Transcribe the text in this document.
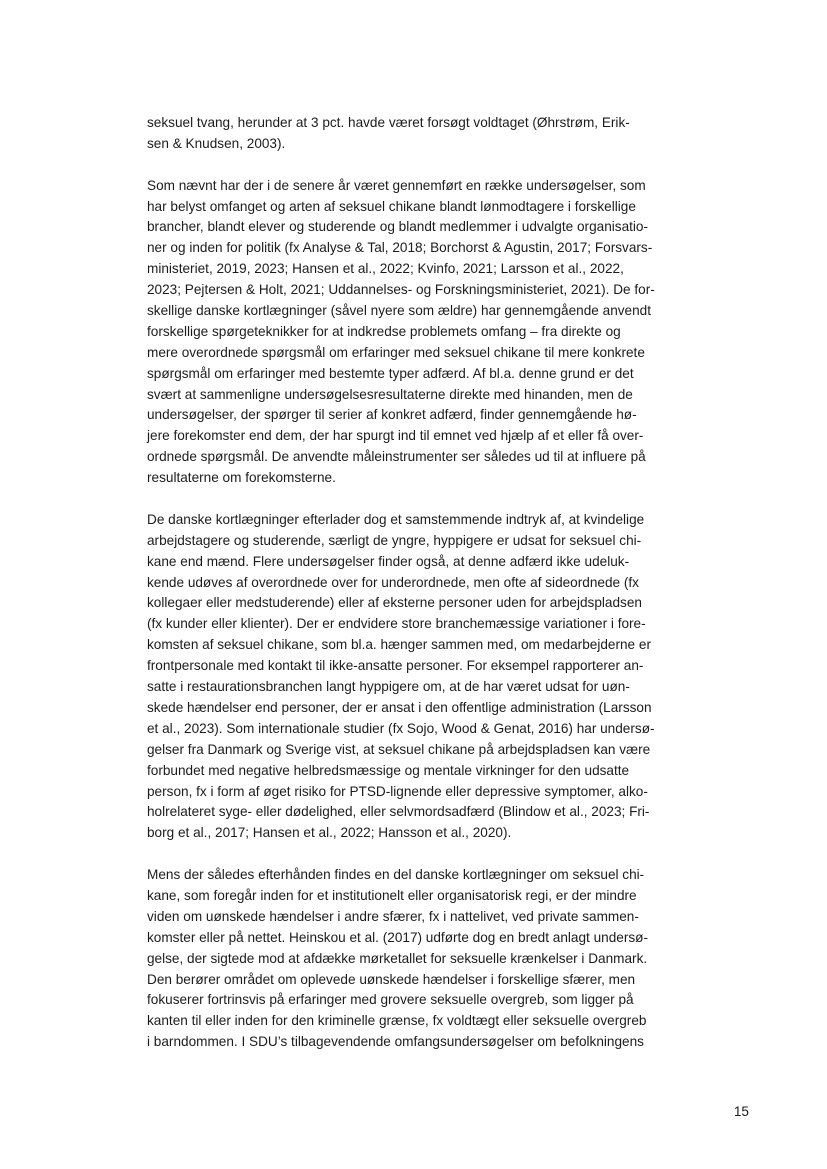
seksuel tvang, herunder at 3 pct. havde været forsøgt voldtaget (Øhrstrøm, Erik-
sen & Knudsen, 2003).
Som nævnt har der i de senere år været gennemført en række undersøgelser, som
har belyst omfanget og arten af seksuel chikane blandt lønmodtagere i forskellige
brancher, blandt elever og studerende og blandt medlemmer i udvalgte organisatio-
ner og inden for politik (fx Analyse & Tal, 2018; Borchorst & Agustin, 2017; Forsvars-
ministeriet, 2019, 2023; Hansen et al., 2022; Kvinfo, 2021; Larsson et al., 2022,
2023; Pejtersen & Holt, 2021; Uddannelses- og Forskningsministeriet, 2021). De for-
skellige danske kortlægninger (såvel nyere som ældre) har gennemgående anvendt
forskellige spørgeteknikker for at indkredse problemets omfang – fra direkte og
mere overordnede spørgsmål om erfaringer med seksuel chikane til mere konkrete
spørgsmål om erfaringer med bestemte typer adfærd. Af bl.a. denne grund er det
svært at sammenligne undersøgelsesresultaterne direkte med hinanden, men de
undersøgelser, der spørger til serier af konkret adfærd, finder gennemgående hø-
jere forekomster end dem, der har spurgt ind til emnet ved hjælp af et eller få over-
ordnede spørgsmål. De anvendte måleinstrumenter ser således ud til at influere på
resultaterne om forekomsterne.
De danske kortlægninger efterlader dog et samstemmende indtryk af, at kvindelige
arbejdstagere og studerende, særligt de yngre, hyppigere er udsat for seksuel chi-
kane end mænd. Flere undersøgelser finder også, at denne adfærd ikke udeluk-
kende udøves af overordnede over for underordnede, men ofte af sideordnede (fx
kollegaer eller medstuderende) eller af eksterne personer uden for arbejdspladsen
(fx kunder eller klienter). Der er endvidere store branchemæssige variationer i fore-
komsten af seksuel chikane, som bl.a. hænger sammen med, om medarbejderne er
frontpersonale med kontakt til ikke-ansatte personer. For eksempel rapporterer an-
satte i restaurationsbranchen langt hyppigere om, at de har været udsat for uøn-
skede hændelser end personer, der er ansat i den offentlige administration (Larsson
et al., 2023). Som internationale studier (fx Sojo, Wood & Genat, 2016) har undersø-
gelser fra Danmark og Sverige vist, at seksuel chikane på arbejdspladsen kan være
forbundet med negative helbredsmæssige og mentale virkninger for den udsatte
person, fx i form af øget risiko for PTSD-lignende eller depressive symptomer, alko-
holrelateret syge- eller dødelighed, eller selvmordsadfærd (Blindow et al., 2023; Fri-
borg et al., 2017; Hansen et al., 2022; Hansson et al., 2020).
Mens der således efterhånden findes en del danske kortlægninger om seksuel chi-
kane, som foregår inden for et institutionelt eller organisatorisk regi, er der mindre
viden om uønskede hændelser i andre sfærer, fx i nattelivet, ved private sammen-
komster eller på nettet. Heinskou et al. (2017) udførte dog en bredt anlagt undersø-
gelse, der sigtede mod at afdække mørketallet for seksuelle krænkelser i Danmark.
Den berører området om oplevede uønskede hændelser i forskellige sfærer, men
fokuserer fortrinsvis på erfaringer med grovere seksuelle overgreb, som ligger på
kanten til eller inden for den kriminelle grænse, fx voldtægt eller seksuelle overgreb
i barndommen. I SDU’s tilbagevendende omfangsundersøgelser om befolkningens
15
